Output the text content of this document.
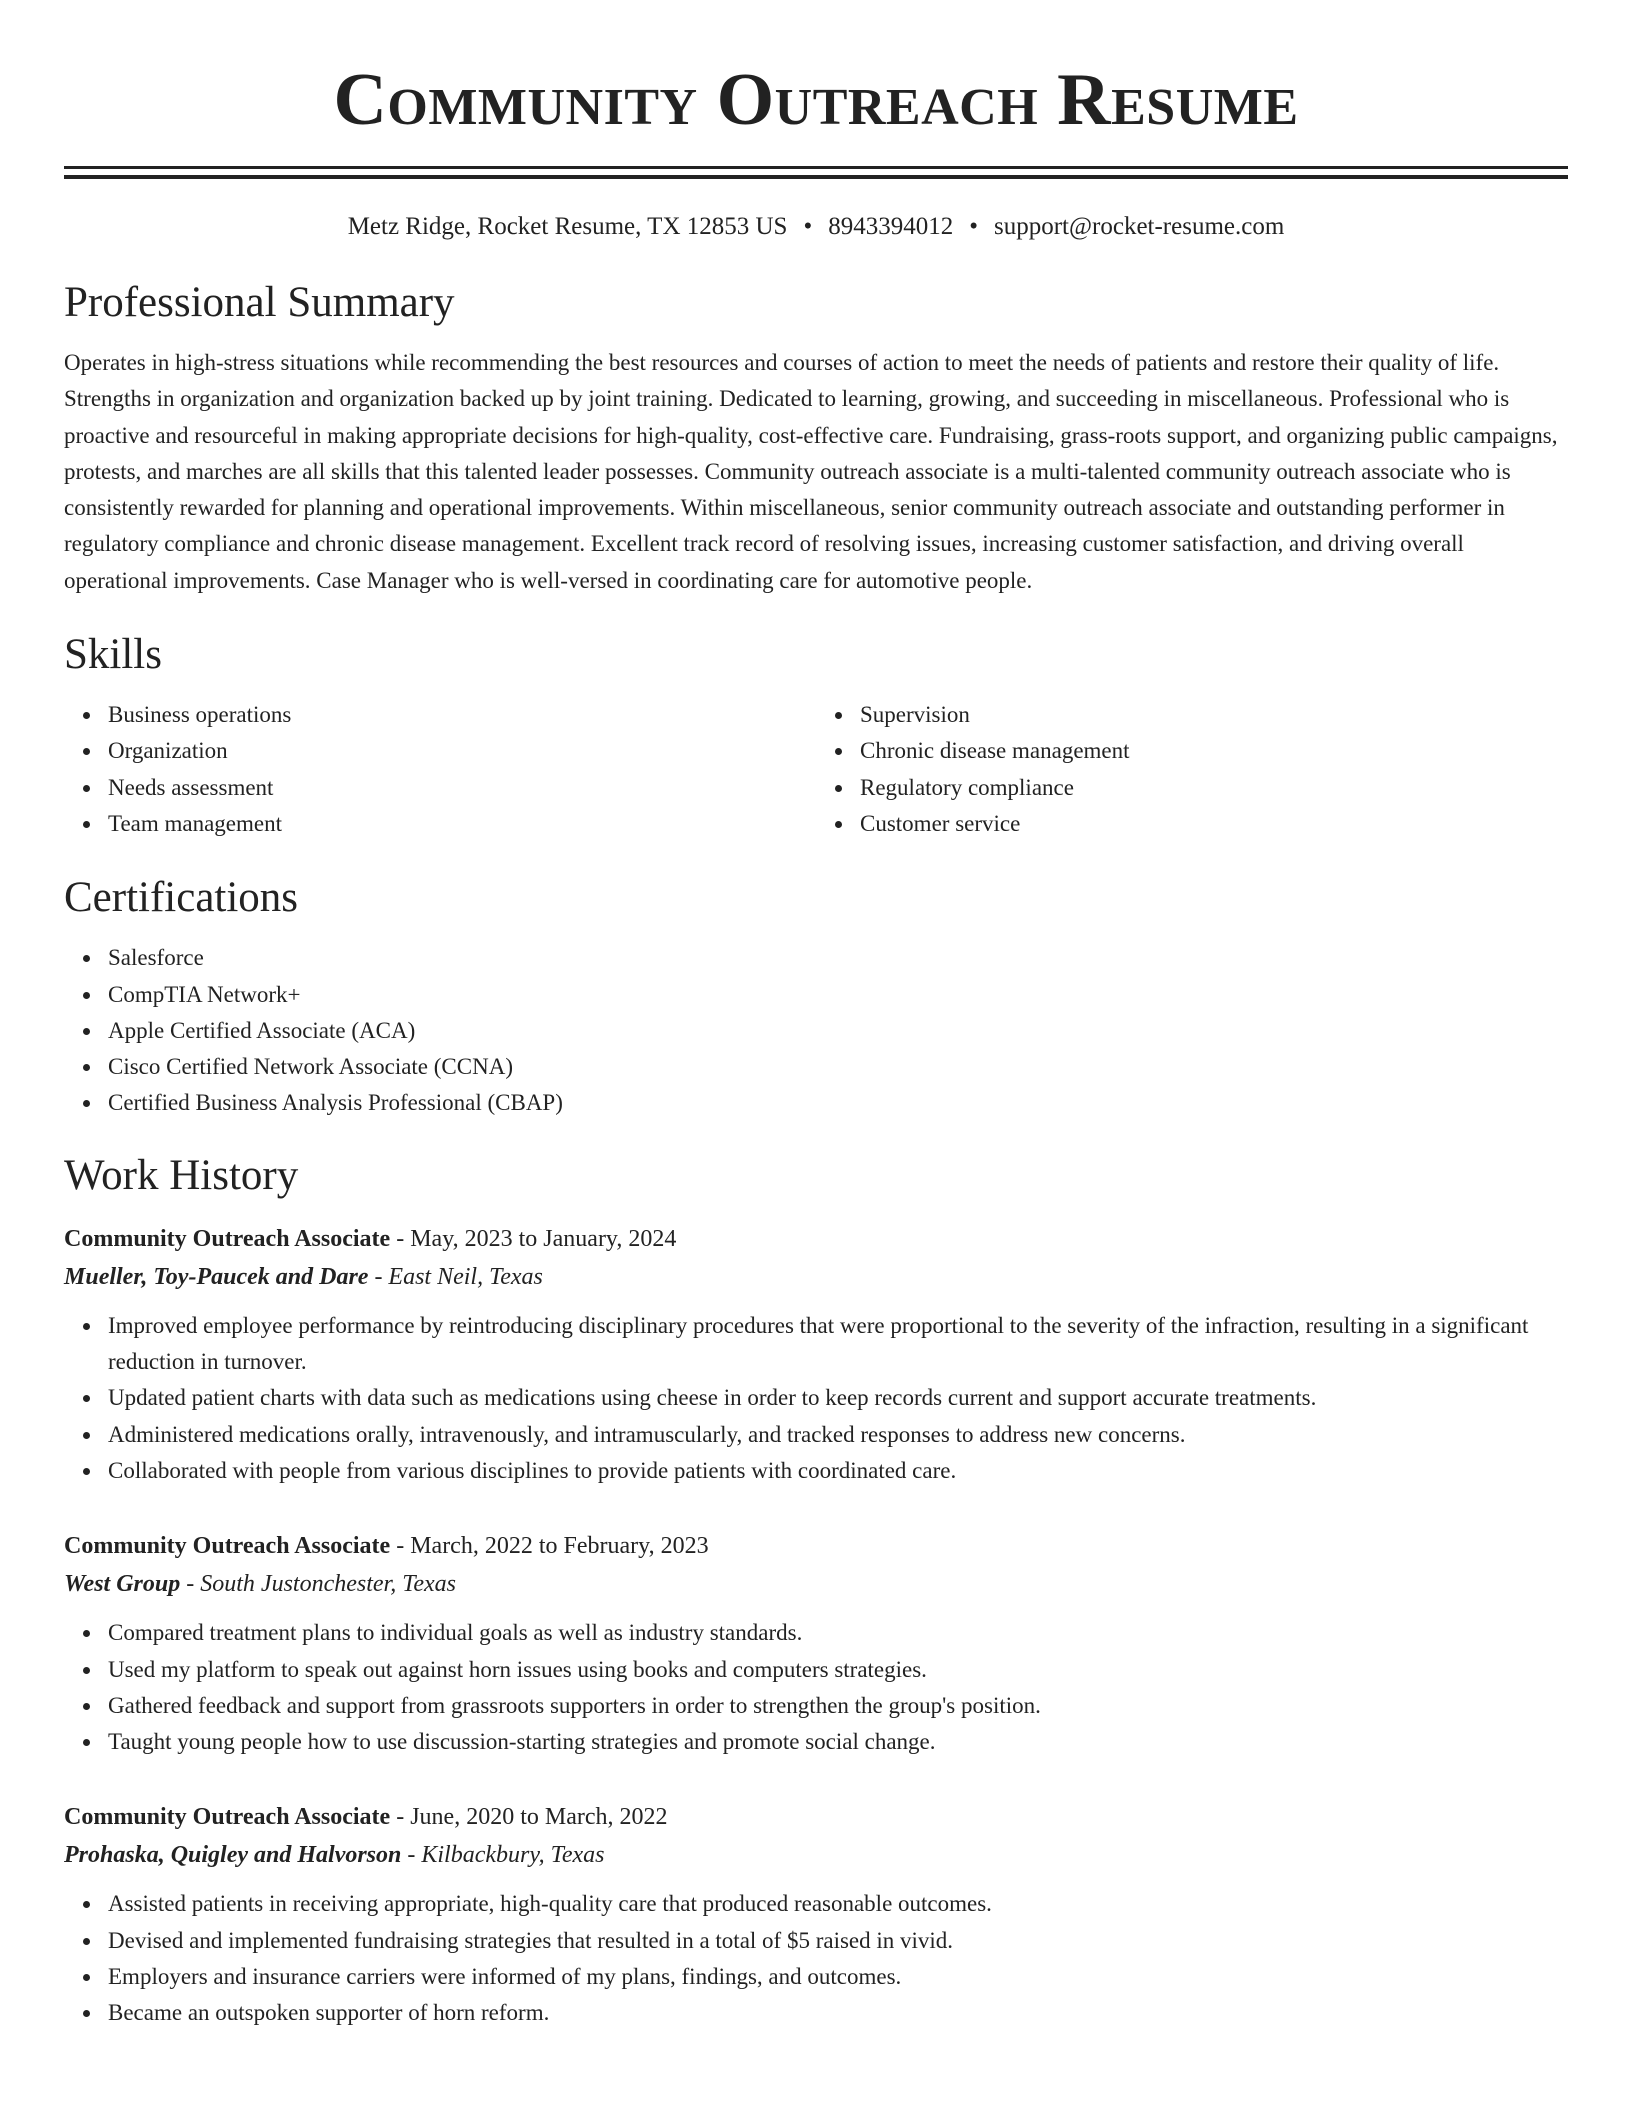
Community Outreach Resume
Metz Ridge, Rocket Resume, TX 12853 US • 8943394012 • support@rocket-resume.com
Professional Summary

Operates in high-stress situations while recommending the best resources and courses of action to meet the needs of patients and restore their quality of life. Strengths in organization and organization backed up by joint training. Dedicated to learning, growing, and succeeding in miscellaneous. Professional who is proactive and resourceful in making appropriate decisions for high-quality, cost-effective care. Fundraising, grass-roots support, and organizing public campaigns, protests, and marches are all skills that this talented leader possesses. Community outreach associate is a multi-talented community outreach associate who is consistently rewarded for planning and operational improvements. Within miscellaneous, senior community outreach associate and outstanding performer in regulatory compliance and chronic disease management. Excellent track record of resolving issues, increasing customer satisfaction, and driving overall operational improvements. Case Manager who is well-versed in coordinating care for automotive people.

Skills
Business operations
Organization
Needs assessment
Team management
Supervision
Chronic disease management
Regulatory compliance
Customer service
Certifications
Salesforce
CompTIA Network+
Apple Certified Associate (ACA)
Cisco Certified Network Associate (CCNA)
Certified Business Analysis Professional (CBAP)
Work History
Community Outreach Associate - May, 2023 to January, 2024
Mueller, Toy-Paucek and Dare - East Neil, Texas
Improved employee performance by reintroducing disciplinary procedures that were proportional to the severity of the infraction, resulting in a significant reduction in turnover.
Updated patient charts with data such as medications using cheese in order to keep records current and support accurate treatments.
Administered medications orally, intravenously, and intramuscularly, and tracked responses to address new concerns.
Collaborated with people from various disciplines to provide patients with coordinated care.
Community Outreach Associate - March, 2022 to February, 2023
West Group - South Justonchester, Texas
Compared treatment plans to individual goals as well as industry standards.
Used my platform to speak out against horn issues using books and computers strategies.
Gathered feedback and support from grassroots supporters in order to strengthen the group's position.
Taught young people how to use discussion-starting strategies and promote social change.
Community Outreach Associate - June, 2020 to March, 2022
Prohaska, Quigley and Halvorson - Kilbackbury, Texas
Assisted patients in receiving appropriate, high-quality care that produced reasonable outcomes.
Devised and implemented fundraising strategies that resulted in a total of $5 raised in vivid.
Employers and insurance carriers were informed of my plans, findings, and outcomes.
Became an outspoken supporter of horn reform.
